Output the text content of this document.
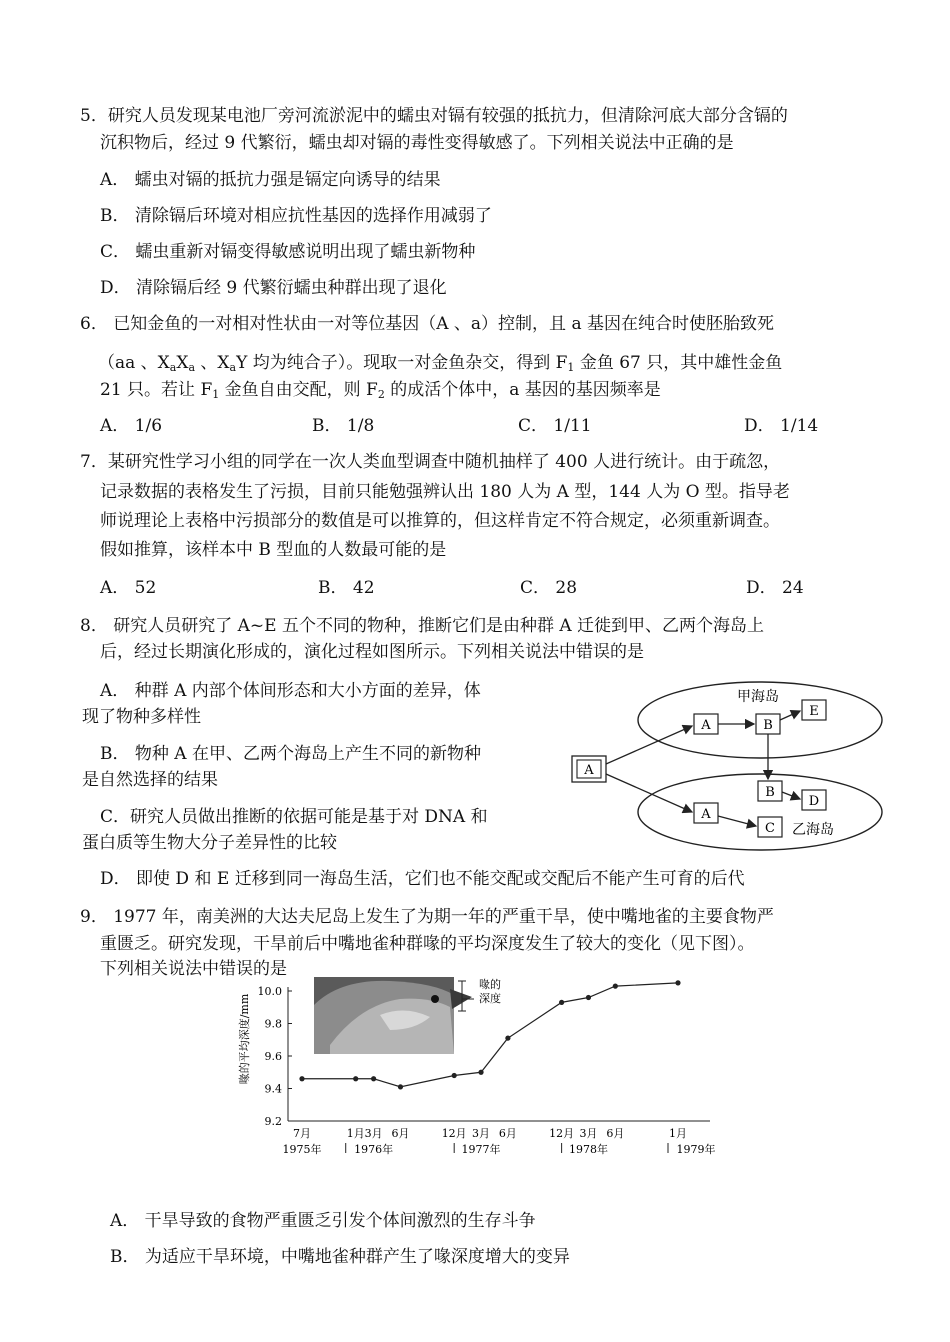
5．研究人员发现某电池厂旁河流淤泥中的蠕虫对镉有较强的抵抗力，但清除河底大部分含镉的
沉积物后，经过 9 代繁衍，蠕虫却对镉的毒性变得敏感了。下列相关说法中正确的是
A． 蠕虫对镉的抵抗力强是镉定向诱导的结果
B． 清除镉后环境对相应抗性基因的选择作用减弱了
C． 蠕虫重新对镉变得敏感说明出现了蠕虫新物种
D． 清除镉后经 9 代繁衍蠕虫种群出现了退化
6． 已知金鱼的一对相对性状由一对等位基因（A 、a）控制，且 a 基因在纯合时使胚胎致死
（aa 、$X_aX_a$ 、$X_aY$ 均为纯合子）。现取一对金鱼杂交，得到 $F_1$ 金鱼 67 只，其中雄性金鱼
21 只。若让 $F_1$ 金鱼自由交配，则 $F_2$ 的成活个体中，a 基因的基因频率是
A． 1/6	B． 1/8	C． 1/11	D． 1/14
7．某研究性学习小组的同学在一次人类血型调查中随机抽样了 400 人进行统计。由于疏忽，
记录数据的表格发生了污损，目前只能勉强辨认出 180 人为 A 型，144 人为 O 型。指导老
师说理论上表格中污损部分的数值是可以推算的，但这样肯定不符合规定，必须重新调查。
假如推算，该样本中 B 型血的人数最可能的是
A． 52	B． 42	C． 28	D． 24
8． 研究人员研究了 A~E 五个不同的物种，推断它们是由种群 A 迁徙到甲、乙两个海岛上
后，经过长期演化形成的，演化过程如图所示。下列相关说法中错误的是
A． 种群 A 内部个体间形态和大小方面的差异，体
现了物种多样性
B． 物种 A 在甲、乙两个海岛上产生不同的新物种
是自然选择的结果
C．研究人员做出推断的依据可能是基于对 DNA 和
蛋白质等生物大分子差异性的比较
D． 即使 D 和 E 迁移到同一海岛生活，它们也不能交配或交配后不能产生可育的后代
甲海岛
乙海岛
A
A	B
E
A
C
B
D
9． 1977 年，南美洲的大达夫尼岛上发生了为期一年的严重干旱，使中嘴地雀的主要食物严
重匮乏。研究发现，干旱前后中嘴地雀种群喙的平均深度发生了较大的变化（见下图）。
下列相关说法中错误的是
喙的
深度
喙的平均深度/mm
9.2
9.4
9.6
9.8
10.0
7月	1月 3月 6月	12月 3月 6月	12月 3月 6月	1月
1975年	1976年	1977年	1978年	1979年
A． 干旱导致的食物严重匮乏引发个体间激烈的生存斗争
B． 为适应干旱环境，中嘴地雀种群产生了喙深度增大的变异
